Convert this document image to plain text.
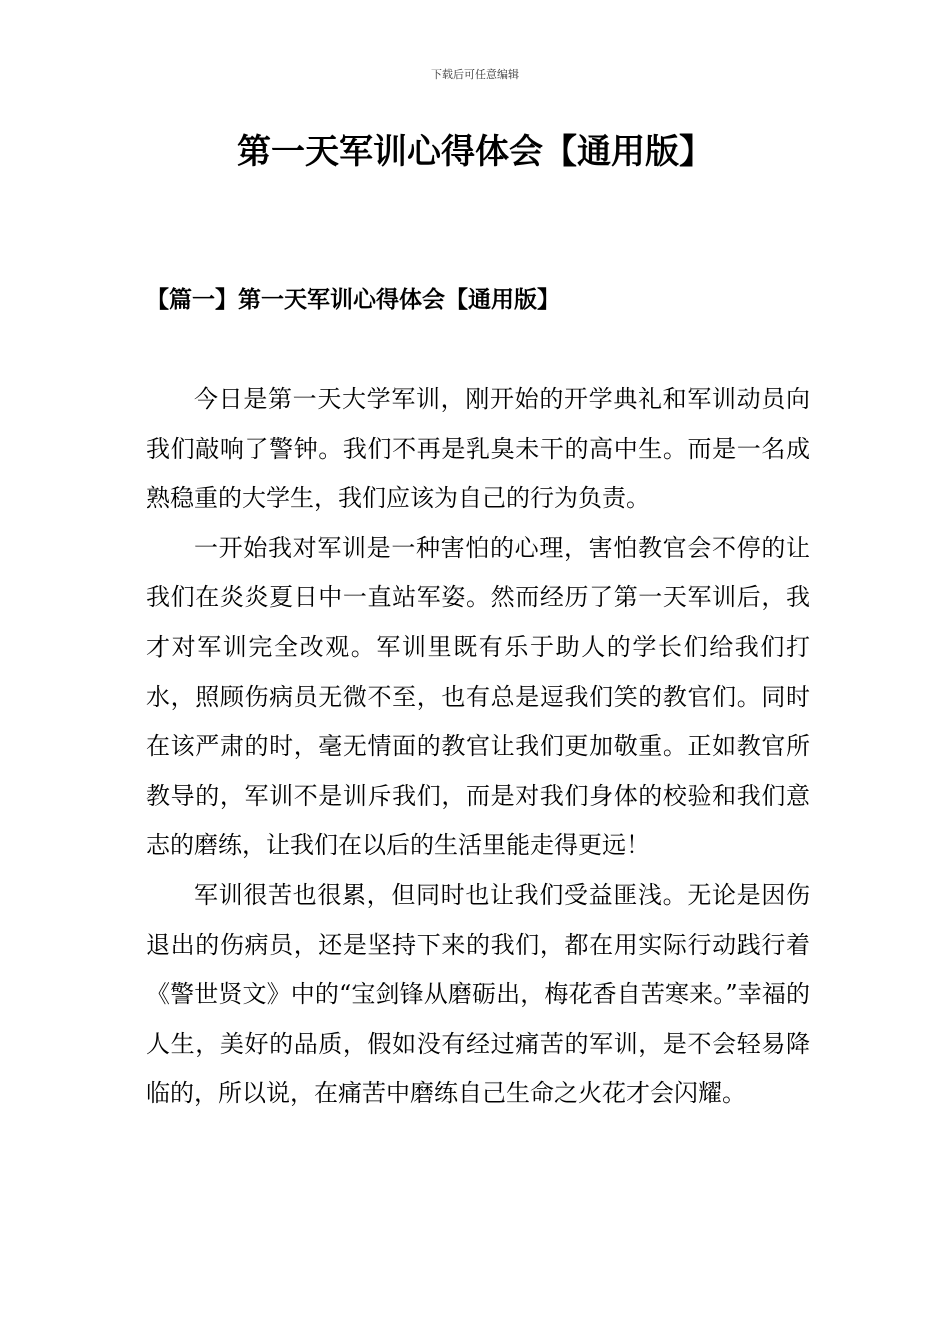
下载后可任意编辑
第一天军训心得体会【通用版】
【篇一】第一天军训心得体会【通用版】

今日是第一天大学军训，刚开始的开学典礼和军训动员向我们敲响了警钟。我们不再是乳臭未干的高中生。而是一名成熟稳重的大学生，我们应该为自己的行为负责。

一开始我对军训是一种害怕的心理，害怕教官会不停的让我们在炎炎夏日中一直站军姿。然而经历了第一天军训后，我才对军训完全改观。军训里既有乐于助人的学长们给我们打水，照顾伤病员无微不至，也有总是逗我们笑的教官们。同时在该严肃的时，毫无情面的教官让我们更加敬重。正如教官所教导的，军训不是训斥我们，而是对我们身体的校验和我们意志的磨练，让我们在以后的生活里能走得更远！

军训很苦也很累，但同时也让我们受益匪浅。无论是因伤退出的伤病员，还是坚持下来的我们，都在用实际行动践行着《警世贤文》中的“宝剑锋从磨砺出，梅花香自苦寒来。”幸福的人生，美好的品质，假如没有经过痛苦的军训，是不会轻易降临的，所以说，在痛苦中磨练自己生命之火花才会闪耀。
